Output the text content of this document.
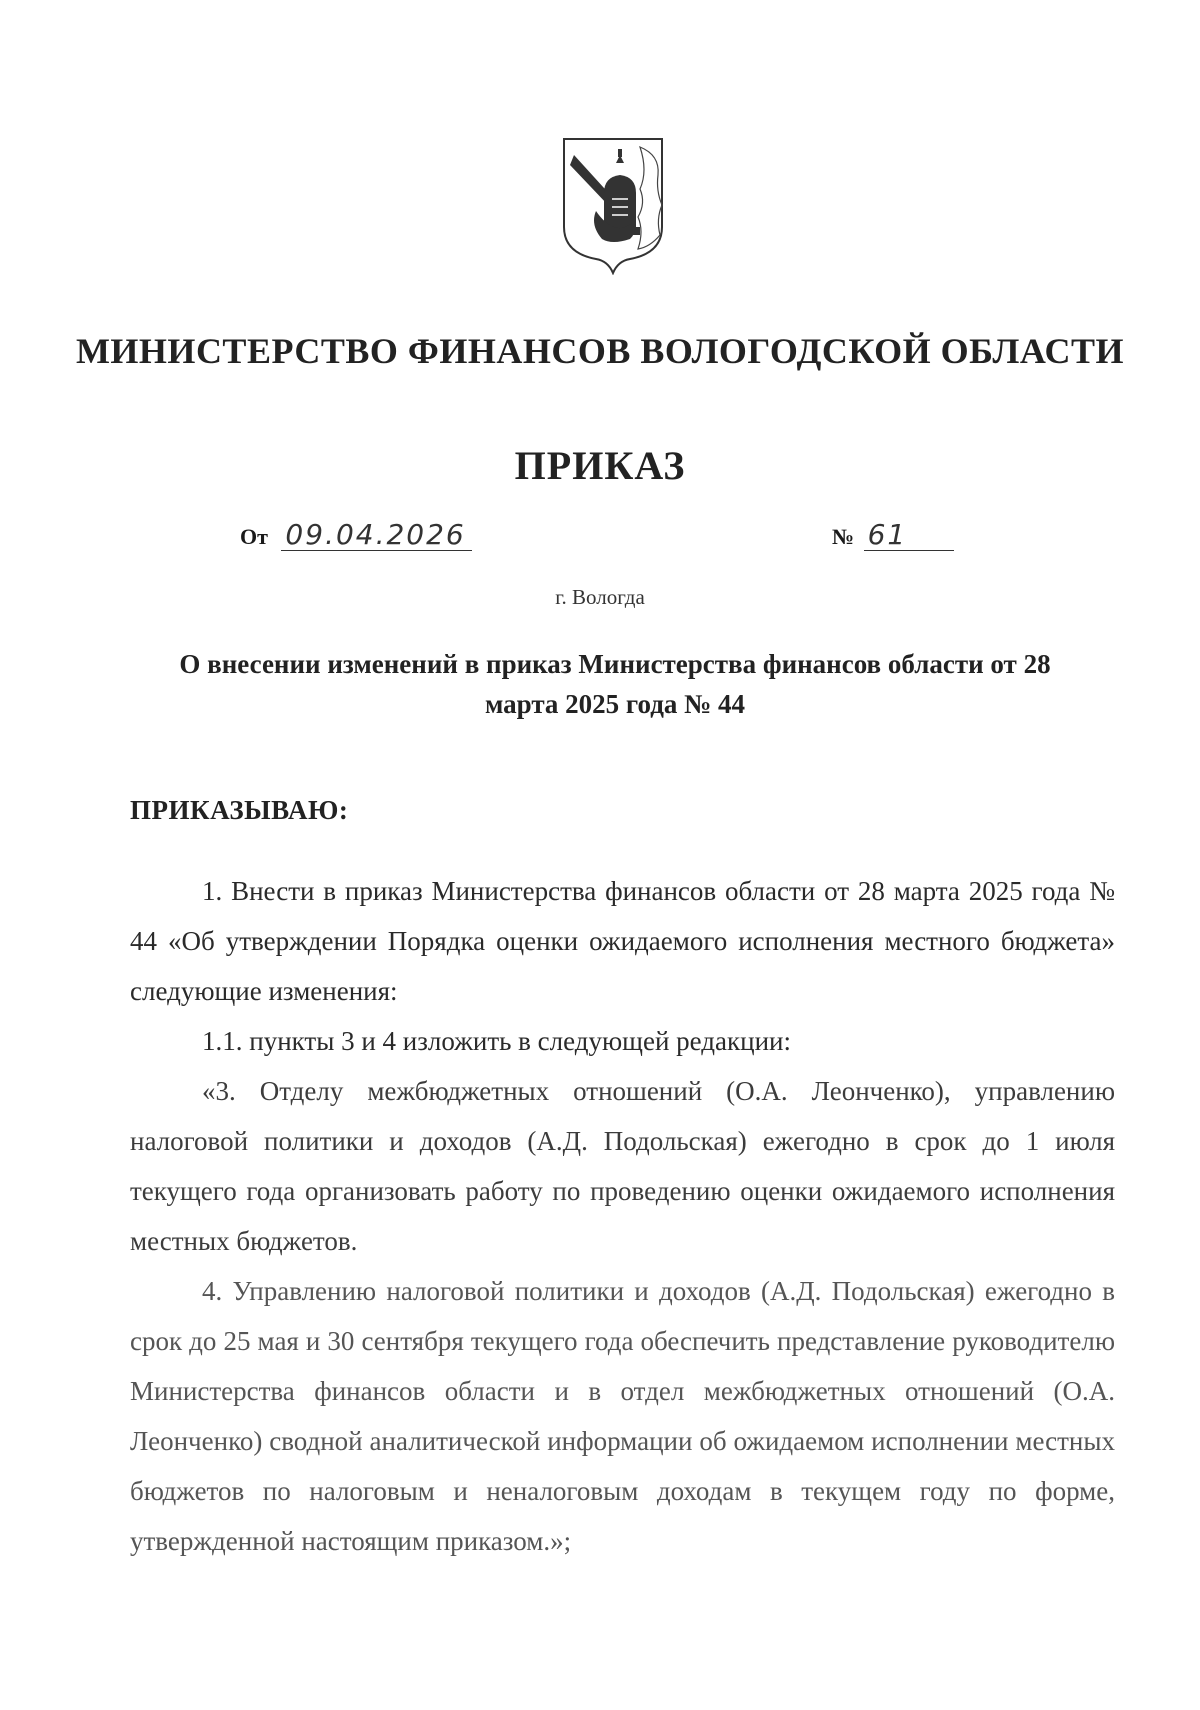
МИНИСТЕРСТВО ФИНАНСОВ ВОЛОГОДСКОЙ ОБЛАСТИ
ПРИКАЗ
От 09.04.2026	№ 61
г. Вологда
О внесении изменений в приказ Министерства финансов области от 28
марта 2025 года № 44
ПРИКАЗЫВАЮ:

1. Внести в приказ Министерства финансов области от 28 марта 2025 года № 44 «Об утверждении Порядка оценки ожидаемого исполнения местного бюджета» следующие изменения:

1.1. пункты 3 и 4 изложить в следующей редакции:

«3. Отделу межбюджетных отношений (О.А. Леонченко), управлению налоговой политики и доходов (А.Д. Подольская) ежегодно в срок до 1 июля текущего года организовать работу по проведению оценки ожидаемого исполнения местных бюджетов.

4. Управлению налоговой политики и доходов (А.Д. Подольская) ежегодно в срок до 25 мая и 30 сентября текущего года обеспечить представление руководителю Министерства финансов области и в отдел межбюджетных отношений (О.А. Леонченко) сводной аналитической информации об ожидаемом исполнении местных бюджетов по налоговым и неналоговым доходам в текущем году по форме, утвержденной настоящим приказом.»;
